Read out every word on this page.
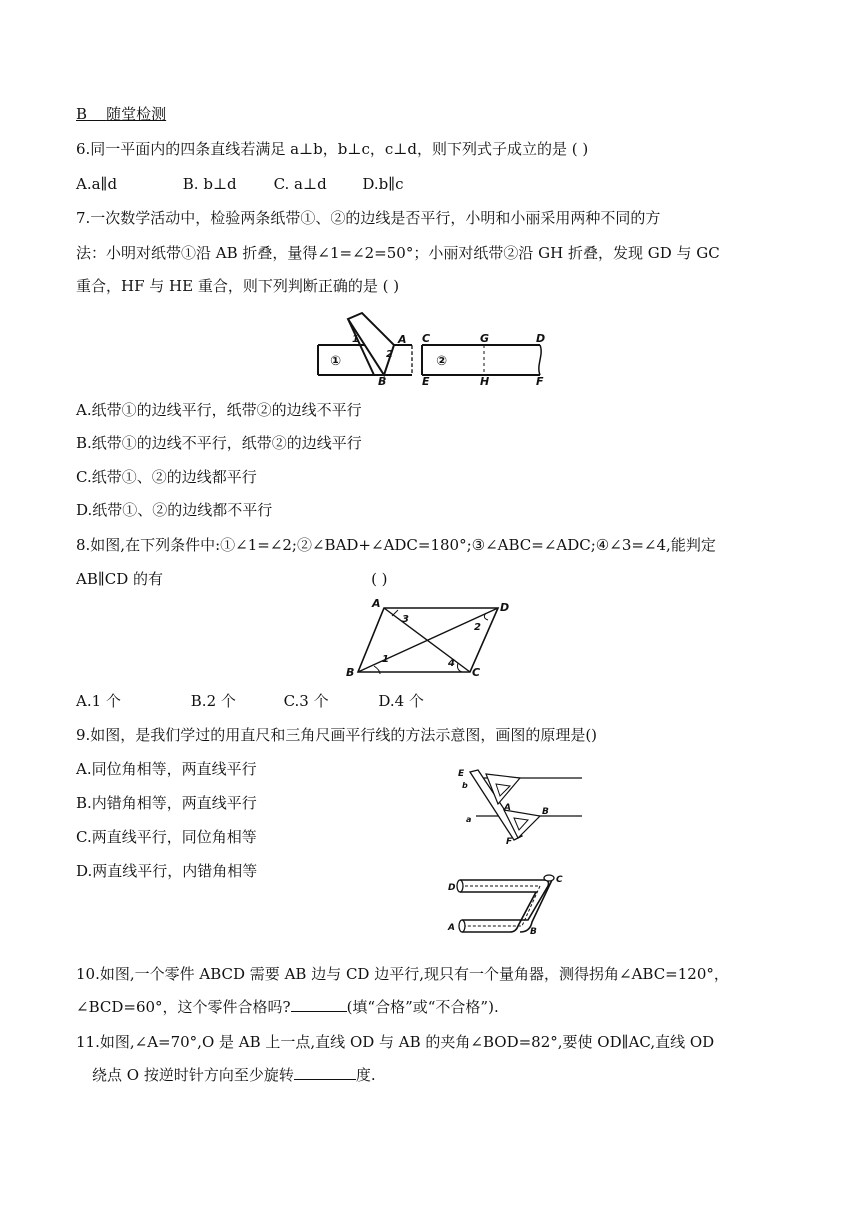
B 随堂检测
6.同一平面内的四条直线若满足 a⊥b，b⊥c，c⊥d，则下列式子成立的是 ( )
A.a∥d	B. b⊥d C. a⊥d D.b∥c
7.一次数学活动中，检验两条纸带①、②的边线是否平行，小明和小丽采用两种不同的方
法：小明对纸带①沿 AB 折叠，量得∠1=∠2=50°；小丽对纸带②沿 GH 折叠，发现 GD 与 GC
重合，HF 与 HE 重合，则下列判断正确的是 ( )
①
1
2
A
B
②
C	G	D
E	H	F
A.纸带①的边线平行，纸带②的边线不平行
B.纸带①的边线不平行，纸带②的边线平行
C.纸带①、②的边线都平行
D.纸带①、②的边线都不平行
8.如图,在下列条件中:①∠1=∠2;②∠BAD+∠ADC=180°;③∠ABC=∠ADC;④∠3=∠4,能判定
AB∥CD 的有	( )
A	D
B	C
1
2
3
4
A.1 个	B.2 个	C.3 个	D.4 个
9.如图，是我们学过的用直尺和三角尺画平行线的方法示意图，画图的原理是()
A.同位角相等，两直线平行
B.内错角相等，两直线平行
C.两直线平行，同位角相等
D.两直线平行，内错角相等
E
b
A	B
a
F
D
C
A	B
10.如图,一个零件 ABCD 需要 AB 边与 CD 边平行,现只有一个量角器，测得拐角∠ABC=120°，
∠BCD=60°，这个零件合格吗?	(填“合格”或“不合格”).
11.如图,∠A=70°,O 是 AB 上一点,直线 OD 与 AB 的夹角∠BOD=82°,要使 OD∥AC,直线 OD
绕点 O 按逆时针方向至少旋转	度.
